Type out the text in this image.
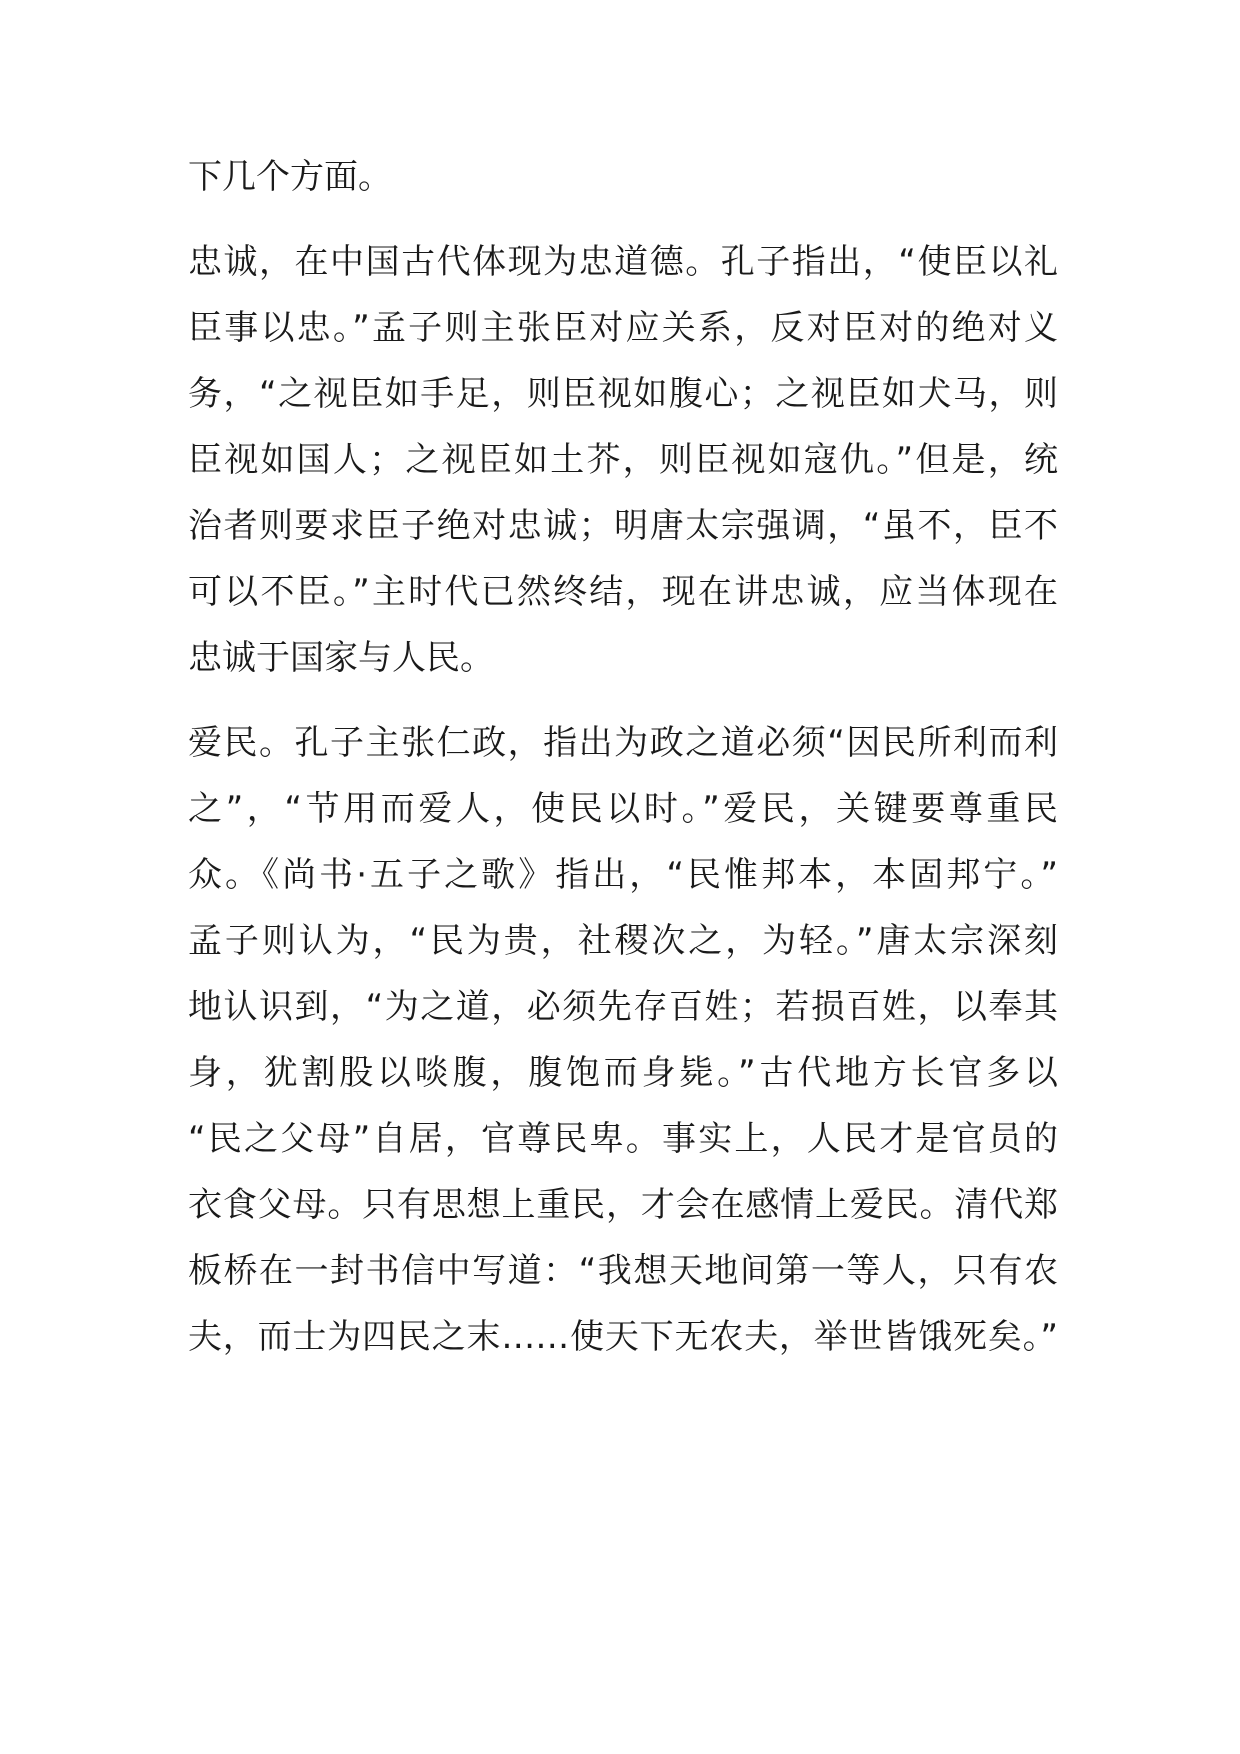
下几个方面。
忠诚，在中国古代体现为忠道德。孔子指出，“使臣以礼
臣事以忠。”孟子则主张臣对应关系，反对臣对的绝对义
务，“之视臣如手足，则臣视如腹心；之视臣如犬马，则
臣视如国人；之视臣如土芥，则臣视如寇仇。”但是，统
治者则要求臣子绝对忠诚；明唐太宗强调，“虽不，臣不
可以不臣。”主时代已然终结，现在讲忠诚，应当体现在
忠诚于国家与人民。
爱民。孔子主张仁政，指出为政之道必须“因民所利而利
之”，“节用而爱人，使民以时。”爱民，关键要尊重民
众。《尚书·五子之歌》指出，“民惟邦本，本固邦宁。”
孟子则认为，“民为贵，社稷次之，为轻。”唐太宗深刻
地认识到，“为之道，必须先存百姓；若损百姓，以奉其
身，犹割股以啖腹，腹饱而身毙。”古代地方长官多以
“民之父母”自居，官尊民卑。事实上，人民才是官员的
衣食父母。只有思想上重民，才会在感情上爱民。清代郑
板桥在一封书信中写道：“我想天地间第一等人，只有农
夫，而士为四民之末……使天下无农夫，举世皆饿死矣。”
